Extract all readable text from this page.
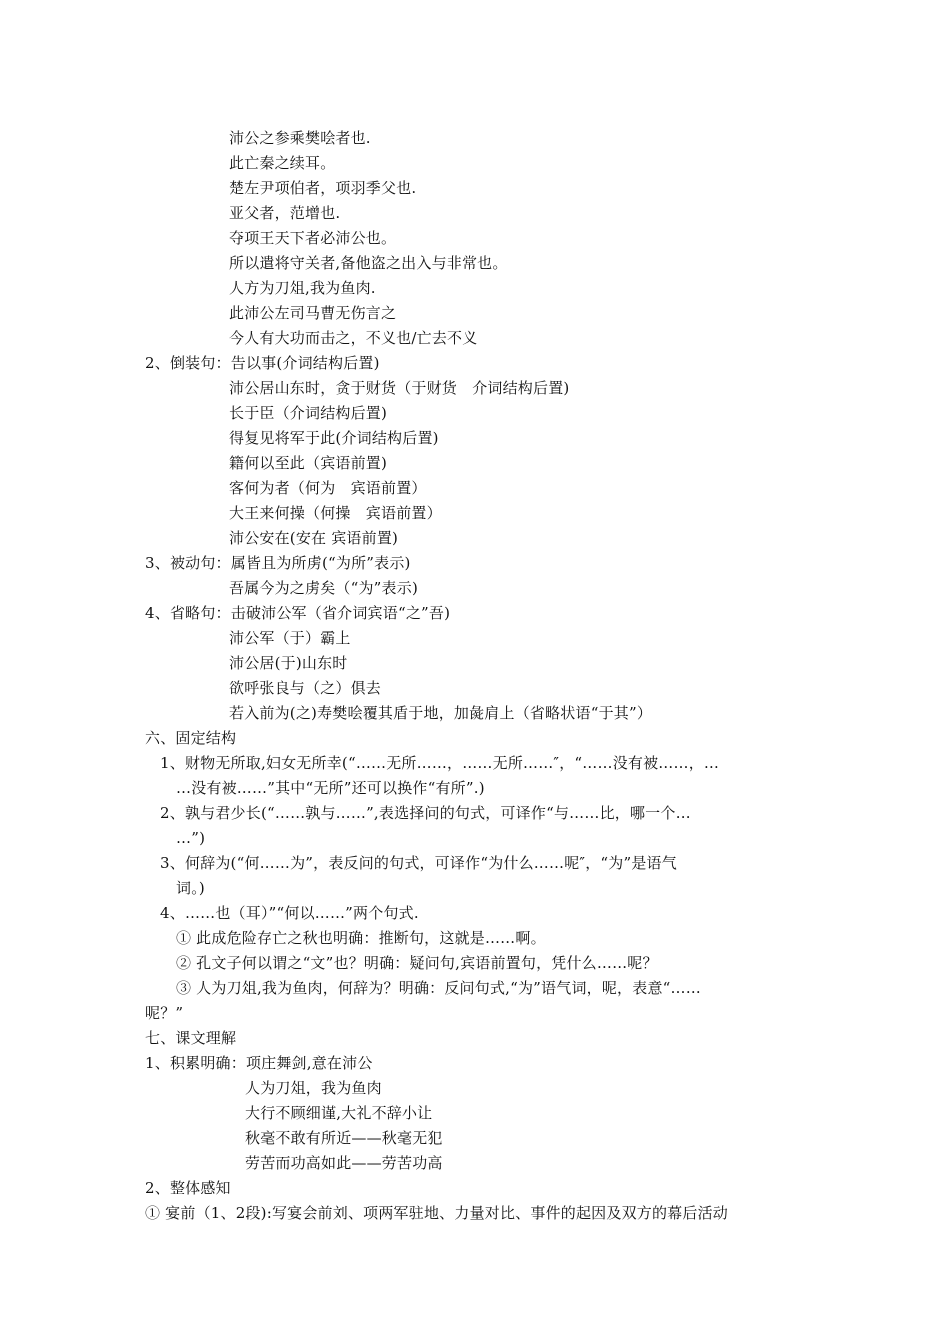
沛公之参乘樊哙者也.
此亡秦之续耳。
楚左尹项伯者，项羽季父也.
亚父者，范增也.
夺项王天下者必沛公也。
所以遣将守关者,备他盗之出入与非常也。
人方为刀俎,我为鱼肉.
此沛公左司马曹无伤言之
今人有大功而击之，不义也/亡去不义
2、倒装句：告以事(介词结构后置)
沛公居山东时，贪于财货（于财货　介词结构后置)
长于臣（介词结构后置)
得复见将军于此(介词结构后置)
籍何以至此（宾语前置)
客何为者（何为　宾语前置）
大王来何操（何操　宾语前置）
沛公安在(安在 宾语前置)
3、被动句：属皆且为所虏(“为所”表示)
吾属今为之虏矣（“为”表示)
4、省略句：击破沛公军（省介词宾语“之”吾)
沛公军（于）霸上
沛公居(于)山东时
欲呼张良与（之）俱去
若入前为(之)寿樊哙覆其盾于地，加彘肩上（省略状语“于其”）
六、固定结构
1、财物无所取,妇女无所幸(“……无所……，……无所……″，“……没有被……，…
…没有被……”其中“无所”还可以换作“有所”.)
2、孰与君少长(“……孰与……”,表选择问的句式，可译作“与……比，哪一个…
…”)
3、何辞为(“何……为”，表反问的句式，可译作“为什么……呢″，“为”是语气
词。)
4、……也（耳）”“何以……”两个句式.
① 此成危险存亡之秋也明确：推断句，这就是……啊。
② 孔文子何以谓之“文”也？明确：疑问句,宾语前置句，凭什么……呢？
③ 人为刀俎,我为鱼肉，何辞为？明确：反问句式,“为”语气词，呢，表意“……
呢？”
七、课文理解
1、积累明确：项庄舞剑,意在沛公
人为刀俎，我为鱼肉
大行不顾细谨,大礼不辞小让
秋毫不敢有所近——秋毫无犯
劳苦而功高如此——劳苦功高
2、整体感知
① 宴前（1、2段):写宴会前刘、项两军驻地、力量对比、事件的起因及双方的幕后活动
